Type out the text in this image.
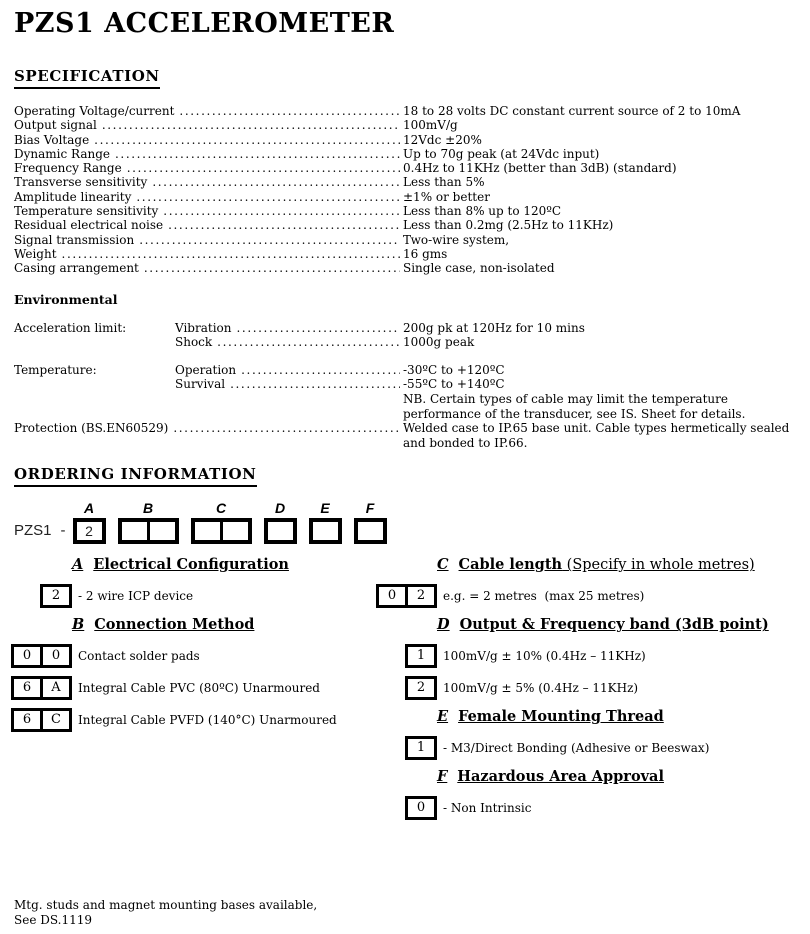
PZS1 ACCELEROMETER
SPECIFICATION
Operating Voltage/current .....	18 to 28 volts DC constant current source of 2 to 10mA
Output signal .....	100mV/g
Bias Voltage .....	12Vdc ±20%
Dynamic Range .....	Up to 70g peak (at 24Vdc input)
Frequency Range .....	0.4Hz to 11KHz (better than 3dB) (standard)
Transverse sensitivity .....	Less than 5%
Amplitude linearity .....	±1% or better
Temperature sensitivity .....	Less than 8% up to 120ºC
Residual electrical noise .....	Less than 0.2mg (2.5Hz to 11KHz)
Signal transmission .....	Two-wire system,
Weight .....	16 gms
Casing arrangement .....	Single case, non-isolated
Environmental
Acceleration limit:	Vibration .....	200g pk at 120Hz for 10 mins
Shock .....	1000g peak
Temperature:	Operation .....	-30ºC to +120ºC
Survival .....	-55ºC to +140ºC
NB. Certain types of cable may limit the temperature
performance of the transducer, see IS. Sheet for details.
Protection (BS.EN60529) .....	Welded case to IP.65 base unit. Cable types hermetically sealed
and bonded to IP.66.
ORDERING INFORMATION
PZS1 -
A
2
B	C	D	E	F
A Electrical Configuration
2	- 2 wire ICP device
B Connection Method
0	0	Contact solder pads
6	A	Integral Cable PVC (80ºC) Unarmoured
6	C	Integral Cable PVFD (140°C) Unarmoured
C Cable length (Specify in whole metres)
0	2	e.g. = 2 metres  (max 25 metres)
D Output & Frequency band (3dB point)
1	100mV/g ± 10% (0.4Hz – 11KHz)
2	100mV/g ± 5% (0.4Hz – 11KHz)
E Female Mounting Thread
1	- M3/Direct Bonding (Adhesive or Beeswax)
F Hazardous Area Approval
0	- Non Intrinsic
Mtg. studs and magnet mounting bases available,
See DS.1119
